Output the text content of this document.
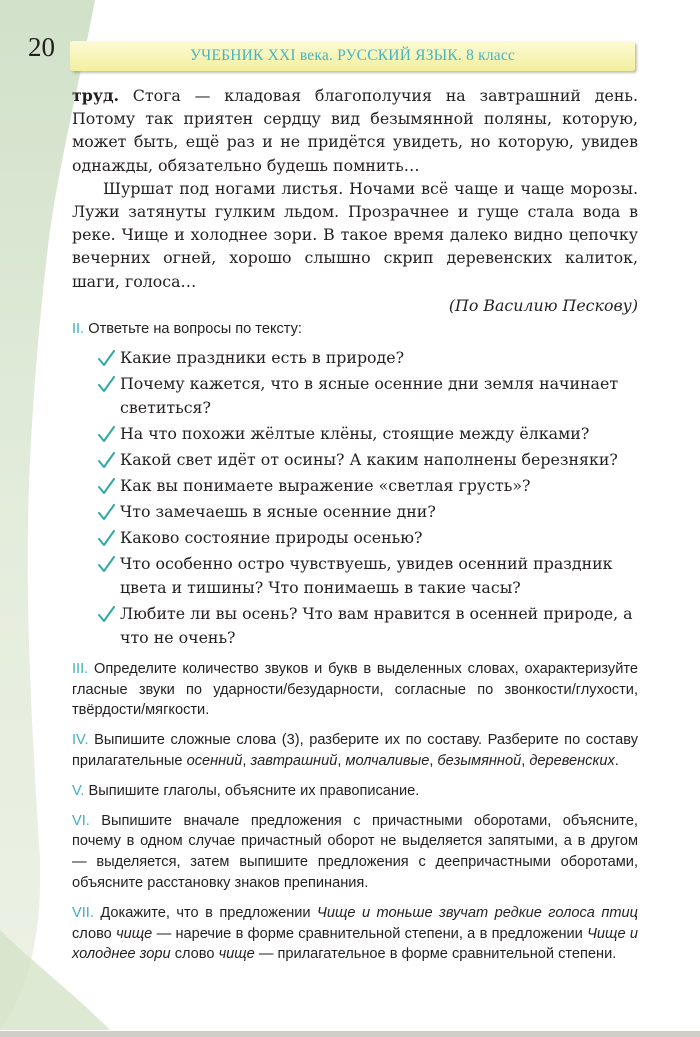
20	УЧЕБНИК XXI века. РУССКИЙ ЯЗЫК. 8 класс

труд. Стога — кладовая благополучия на завтрашний день. Потому так приятен сердцу вид безымянной поляны, которую, может быть, ещё раз и не придётся увидеть, но которую, увидев однажды, обязательно будешь помнить…

Шуршат под ногами листья. Ночами всё чаще и чаще морозы. Лужи затянуты гулким льдом. Прозрачнее и гуще стала вода в реке. Чище и холоднее зори. В такое время далеко видно цепочку вечерних огней, хорошо слышно скрип деревенских калиток, шаги, голоса…

(По Василию Пескову)
II. Ответьте на вопросы по тексту:
Какие праздники есть в природе?
Почему кажется, что в ясные осенние дни земля начинает светиться?
На что похожи жёлтые клёны, стоящие между ёлками?
Какой свет идёт от осины? А каким наполнены березняки?
Как вы понимаете выражение «светлая грусть»?
Что замечаешь в ясные осенние дни?
Каково состояние природы осенью?
Что особенно остро чувствуешь, увидев осенний праздник цвета и тишины? Что понимаешь в такие часы?
Любите ли вы осень? Что вам нравится в осенней природе, а что не очень?
III. Определите количество звуков и букв в выделенных словах, охарактеризуйте гласные звуки по ударности/безударности, согласные по звонкости/глухости, твёрдости/мягкости.
IV. Выпишите сложные слова (3), разберите их по составу. Разберите по составу прилагательные осенний, завтрашний, молчаливые, безымянной, деревенских.
V. Выпишите глаголы, объясните их правописание.
VI. Выпишите вначале предложения с причастными оборотами, объясните, почему в одном случае причастный оборот не выделяется запятыми, а в другом — выделяется, затем выпишите предложения с деепричастными оборотами, объясните расстановку знаков препинания.
VII. Докажите, что в предложении Чище и тоньше звучат редкие голоса птиц слово чище — наречие в форме сравнительной степени, а в предложении Чище и холоднее зори слово чище — прилагательное в форме сравнительной степени.
